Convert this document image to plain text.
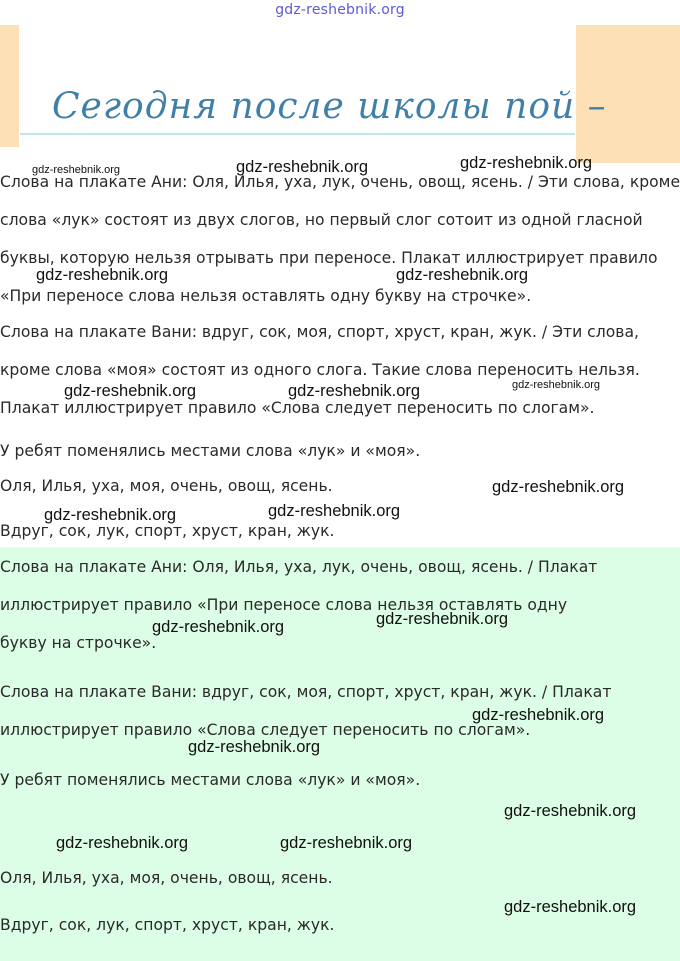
gdz-reshebnik.org
Сегодня после школы пой –
Слова на плакате Ани: Оля, Илья, уха, лук, очень, овощ, ясень. / Эти слова, кроме
слова «лук» состоят из двух слогов, но первый слог сотоит из одной гласной
буквы, которую нельзя отрывать при переносе. Плакат иллюстрирует правило
«При переносе слова нельзя оставлять одну букву на строчке».
Слова на плакате Вани: вдруг, сок, моя, спорт, хруст, кран, жук. / Эти слова,
кроме слова «моя» состоят из одного слога. Такие слова переносить нельзя.
Плакат иллюстрирует правило «Слова следует переносить по слогам».
У ребят поменялись местами слова «лук» и «моя».
Оля, Илья, уха, моя, очень, овощ, ясень.
Вдруг, сок, лук, спорт, хруст, кран, жук.
Слова на плакате Ани: Оля, Илья, уха, лук, очень, овощ, ясень. / Плакат
иллюстрирует правило «При переносе слова нельзя оставлять одну
букву на строчке».
Слова на плакате Вани: вдруг, сок, моя, спорт, хруст, кран, жук. / Плакат
иллюстрирует правило «Слова следует переносить по слогам».
У ребят поменялись местами слова «лук» и «моя».
Оля, Илья, уха, моя, очень, овощ, ясень.
Вдруг, сок, лук, спорт, хруст, кран, жук.
gdz-reshebnik.org	gdz-reshebnik.org	gdz-reshebnik.org
gdz-reshebnik.org	gdz-reshebnik.org
gdz-reshebnik.org	gdz-reshebnik.org	gdz-reshebnik.org
gdz-reshebnik.org
gdz-reshebnik.org	gdz-reshebnik.org
gdz-reshebnik.org	gdz-reshebnik.org
gdz-reshebnik.org
gdz-reshebnik.org
gdz-reshebnik.org
gdz-reshebnik.org	gdz-reshebnik.org
gdz-reshebnik.org
